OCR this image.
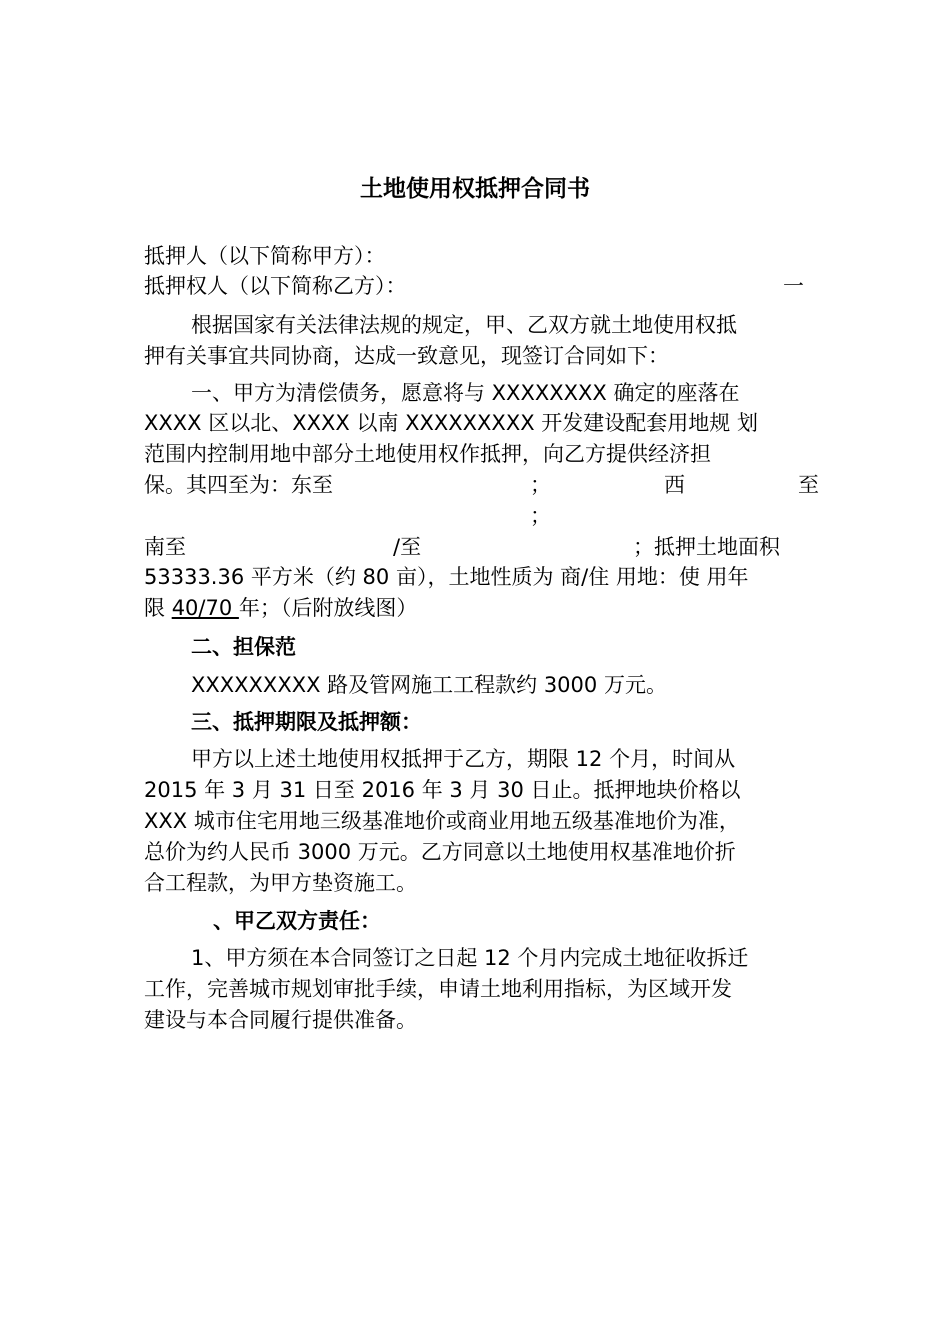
土地使用权抵押合同书
抵押人（以下简称甲方）：
抵押权人（以下简称乙方）：	一
根据国家有关法律法规的规定，甲、乙双方就土地使用权抵
押有关事宜共同协商，达成一致意见，现签订合同如下：
一、甲方为清偿债务，愿意将与 XXXXXXXX 确定的座落在
XXXX 区以北、XXXX 以南 XXXXXXXXX 开发建设配套用地规 划
范围内控制用地中部分土地使用权作抵押，向乙方提供经济担
保。其四至为：东至	；	西	至
；
南至	/至	；抵押土地面积
53333.36 平方米（约 80 亩），土地性质为 商/住 用地：使 用年
限 40/70 年；（后附放线图）
二、担保范
XXXXXXXXX 路及管网施工工程款约 3000 万元。
三、抵押期限及抵押额：
甲方以上述土地使用权抵押于乙方，期限 12 个月，时间从
2015 年 3 月 31 日至 2016 年 3 月 30 日止。抵押地块价格以
XXX 城市住宅用地三级基准地价或商业用地五级基准地价为准，
总价为约人民币 3000 万元。乙方同意以土地使用权基准地价折
合工程款，为甲方垫资施工。
、甲乙双方责任：
1、甲方须在本合同签订之日起 12 个月内完成土地征收拆迁
工作，完善城市规划审批手续，申请土地利用指标，为区域开发
建设与本合同履行提供准备。
